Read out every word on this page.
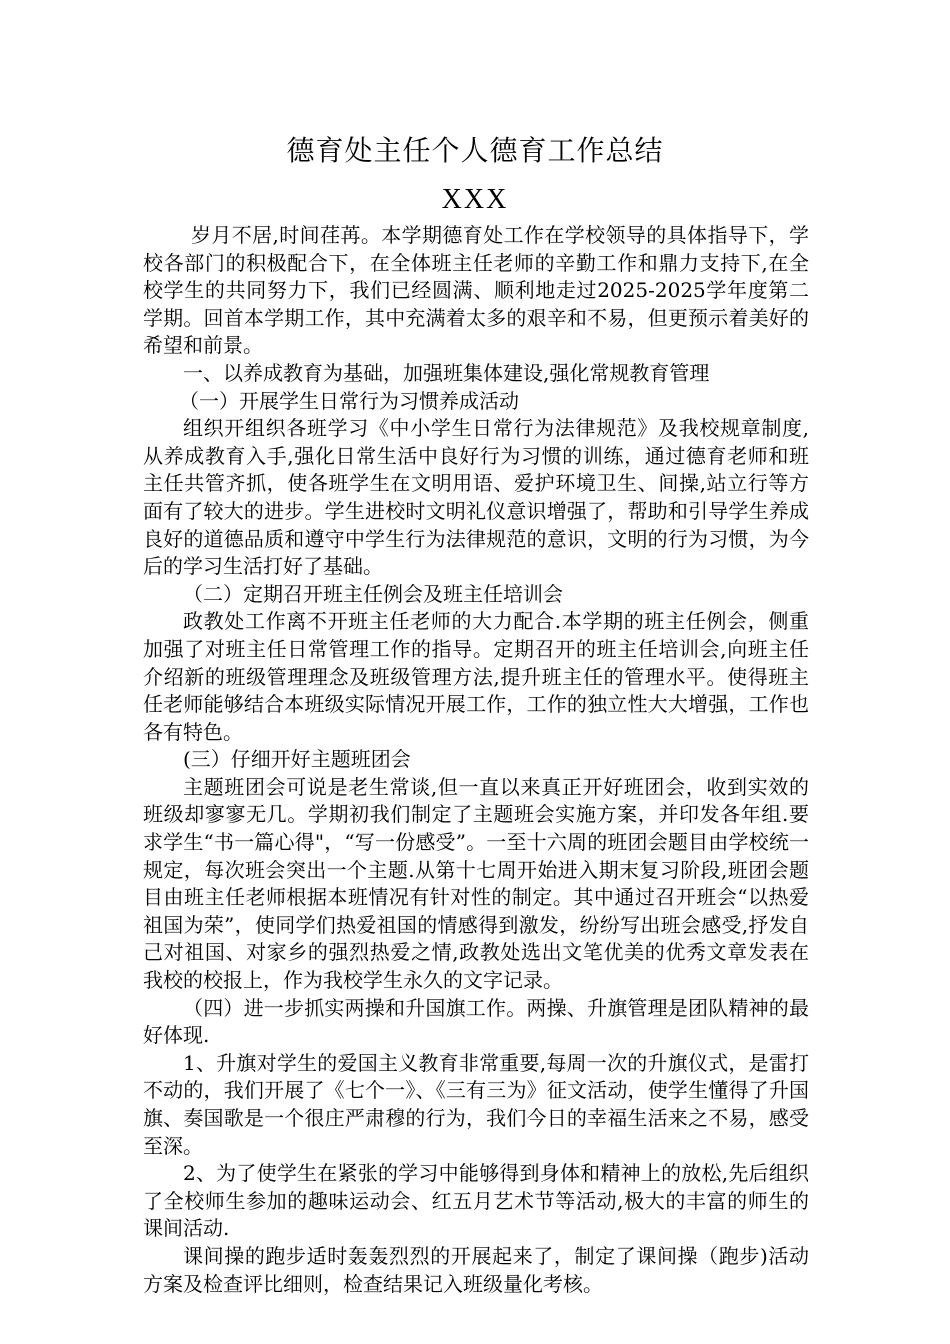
德育处主任个人德育工作总结
XXX

岁月不居,时间荏苒。本学期德育处工作在学校领导的具体指导下，学校各部门的积极配合下，在全体班主任老师的辛勤工作和鼎力支持下,在全校学生的共同努力下，我们已经圆满、顺利地走过2025-2025学年度第二学期。回首本学期工作，其中充满着太多的艰辛和不易，但更预示着美好的希望和前景。

一、以养成教育为基础，加强班集体建设,强化常规教育管理

（一）开展学生日常行为习惯养成活动

组织开组织各班学习《中小学生日常行为法律规范》及我校规章制度,从养成教育入手,强化日常生活中良好行为习惯的训练，通过德育老师和班主任共管齐抓，使各班学生在文明用语、爱护环境卫生、间操,站立行等方面有了较大的进步。学生进校时文明礼仪意识增强了，帮助和引导学生养成良好的道德品质和遵守中学生行为法律规范的意识，文明的行为习惯，为今后的学习生活打好了基础。

（二）定期召开班主任例会及班主任培训会

政教处工作离不开班主任老师的大力配合.本学期的班主任例会，侧重加强了对班主任日常管理工作的指导。定期召开的班主任培训会,向班主任介绍新的班级管理理念及班级管理方法,提升班主任的管理水平。使得班主任老师能够结合本班级实际情况开展工作，工作的独立性大大增强，工作也各有特色。

(三）仔细开好主题班团会

主题班团会可说是老生常谈,但一直以来真正开好班团会，收到实效的班级却寥寥无几。学期初我们制定了主题班会实施方案，并印发各年组.要求学生“书一篇心得"，“写一份感受”。一至十六周的班团会题目由学校统一规定，每次班会突出一个主题.从第十七周开始进入期末复习阶段,班团会题目由班主任老师根据本班情况有针对性的制定。其中通过召开班会“以热爱祖国为荣”，使同学们热爱祖国的情感得到激发，纷纷写出班会感受,抒发自己对祖国、对家乡的强烈热爱之情,政教处选出文笔优美的优秀文章发表在我校的校报上，作为我校学生永久的文字记录。

（四）进一步抓实两操和升国旗工作。两操、升旗管理是团队精神的最好体现.

1、升旗对学生的爱国主义教育非常重要,每周一次的升旗仪式，是雷打不动的，我们开展了《七个一》、《三有三为》征文活动，使学生懂得了升国旗、奏国歌是一个很庄严肃穆的行为，我们今日的幸福生活来之不易，感受至深。

2、为了使学生在紧张的学习中能够得到身体和精神上的放松,先后组织了全校师生参加的趣味运动会、红五月艺术节等活动,极大的丰富的师生的课间活动.

课间操的跑步适时轰轰烈烈的开展起来了，制定了课间操（跑步)活动方案及检查评比细则，检查结果记入班级量化考核。
